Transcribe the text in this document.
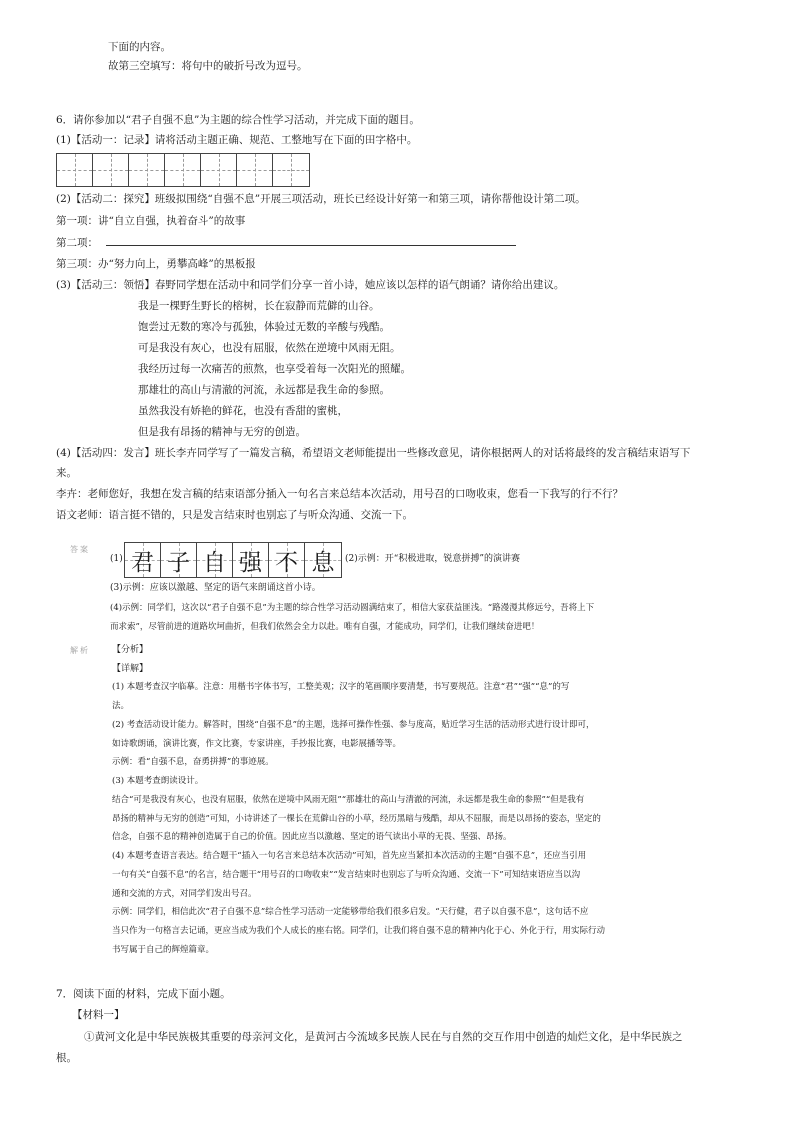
下面的内容。
故第三空填写：将句中的破折号改为逗号。
6．请你参加以“君子自强不息”为主题的综合性学习活动，并完成下面的题目。
(1)【活动一：记录】请将活动主题正确、规范、工整地写在下面的田字格中。
(2)【活动二：探究】班级拟围绕“自强不息”开展三项活动，班长已经设计好第一和第三项，请你帮他设计第二项。
第一项：讲“自立自强，执着奋斗”的故事
第二项：
第三项：办“努力向上，勇攀高峰”的黑板报
(3)【活动三：领悟】春野同学想在活动中和同学们分享一首小诗，她应该以怎样的语气朗诵？请你给出建议。
我是一棵野生野长的榕树，长在寂静而荒僻的山谷。
饱尝过无数的寒冷与孤独，体验过无数的辛酸与残酷。
可是我没有灰心，也没有屈服，依然在逆境中风雨无阻。
我经历过每一次痛苦的煎熬，也享受着每一次阳光的照耀。
那雄壮的高山与清澈的河流，永远都是我生命的参照。
虽然我没有娇艳的鲜花，也没有香甜的蜜桃，
但是我有昂扬的精神与无穷的创造。
(4)【活动四：发言】班长李卉同学写了一篇发言稿，希望语文老师能提出一些修改意见，请你根据两人的对话将最终的发言稿结束语写下
来。
李卉：老师您好，我想在发言稿的结束语部分插入一句名言来总结本次活动，用号召的口吻收束，您看一下我写的行不行？
语文老师：语言挺不错的，只是发言结束时也别忘了与听众沟通、交流一下。
答案
(1) 君 子 自 强 不 息 (2)示例：开“积极进取，锐意拼搏”的演讲赛
(3)示例：应该以激越、坚定的语气来朗诵这首小诗。
(4)示例：同学们，这次以“君子自强不息”为主题的综合性学习活动圆满结束了，相信大家获益匪浅。“路漫漫其修远兮，吾将上下
而求索”，尽管前进的道路坎坷曲折，但我们依然会全力以赴。唯有自强，才能成功，同学们，让我们继续奋进吧！
解析 【分析】
【详解】
(1) 本题考查汉字临摹。注意：用楷书字体书写，工整美观；汉字的笔画顺序要清楚，书写要规范。注意“君”“强”“息”的写
法。
(2) 考查活动设计能力。解答时，围绕“自强不息”的主题，选择可操作性强、参与度高，贴近学习生活的活动形式进行设计即可，
如诗歌朗诵，演讲比赛，作文比赛，专家讲座，手抄报比赛，电影展播等等。
示例：看“自强不息，奋勇拼搏”的事迹展。
(3) 本题考查朗读设计。
结合“可是我没有灰心，也没有屈服，依然在逆境中风雨无阻”“那雄壮的高山与清澈的河流，永远都是我生命的参照”“但是我有
昂扬的精神与无穷的创造”可知，小诗讲述了一棵长在荒僻山谷的小草，经历黑暗与残酷，却从不屈服，而是以昂扬的姿态，坚定的
信念，自强不息的精神创造属于自己的价值。因此应当以激越、坚定的语气读出小草的无畏、坚强、昂扬。
(4) 本题考查语言表达。结合题干“插入一句名言来总结本次活动”可知，首先应当紧扣本次活动的主题“自强不息”，还应当引用
一句有关“自强不息”的名言，结合题干“用号召的口吻收束”“发言结束时也别忘了与听众沟通、交流一下”可知结束语应当以沟
通和交流的方式，对同学们发出号召。
示例：同学们，相信此次“君子自强不息”综合性学习活动一定能够带给我们很多启发。“天行健，君子以自强不息”，这句话不应
当只作为一句格言去记诵，更应当成为我们个人成长的座右铭。同学们，让我们将自强不息的精神内化于心、外化于行，用实际行动
书写属于自己的辉煌篇章。
7．阅读下面的材料，完成下面小题。
【材料一】
①黄河文化是中华民族极其重要的母亲河文化，是黄河古今流域多民族人民在与自然的交互作用中创造的灿烂文化，是中华民族之
根。
